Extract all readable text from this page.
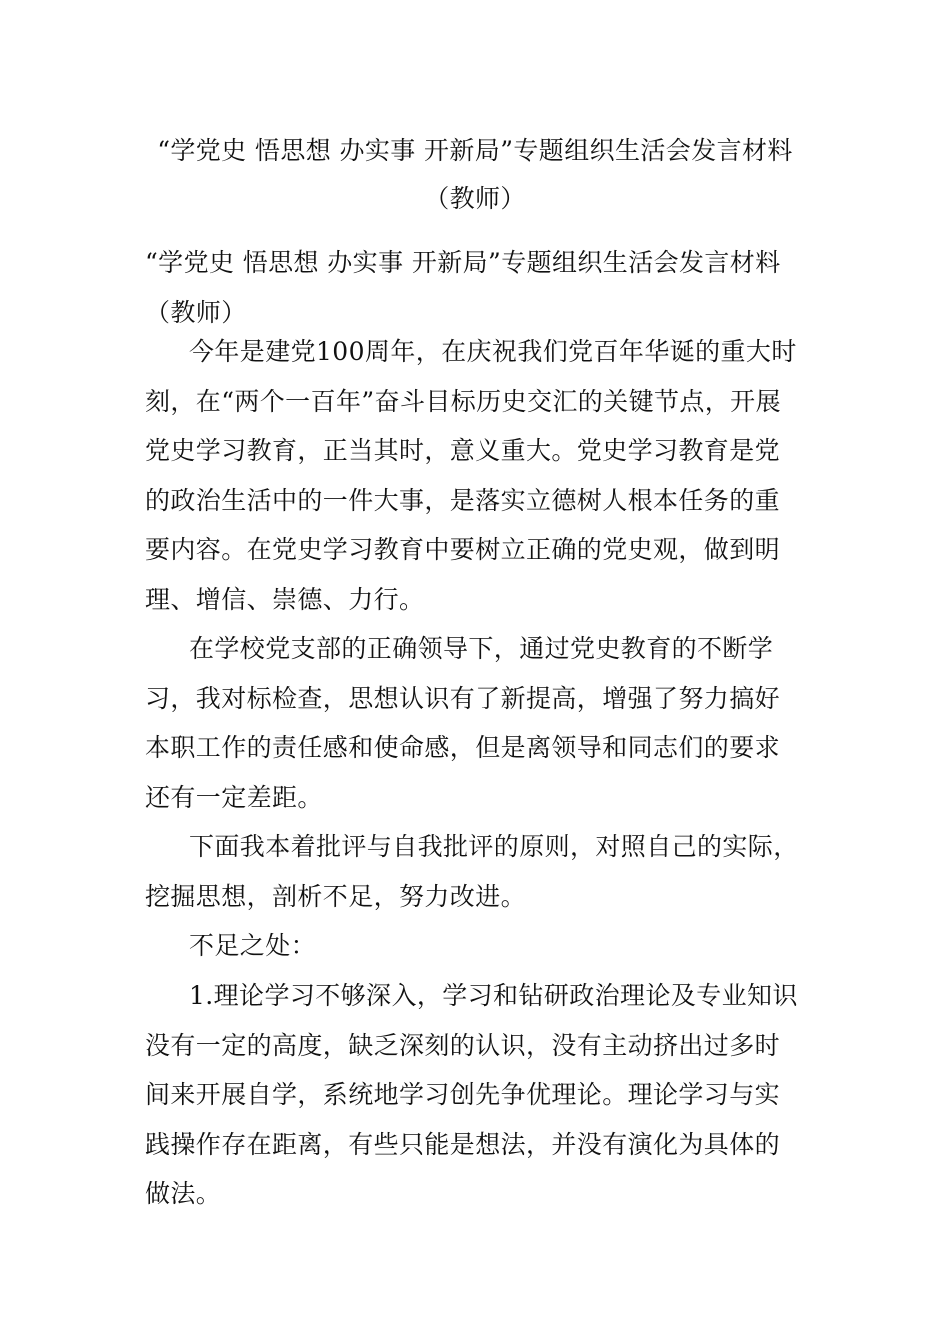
“学党史 悟思想 办实事 开新局”专题组织生活会发言材料（教师）

“学党史 悟思想 办实事 开新局”专题组织生活会发言材料（教师）

今年是建党100周年，在庆祝我们党百年华诞的重大时刻，在“两个一百年”奋斗目标历史交汇的关键节点，开展党史学习教育，正当其时，意义重大。党史学习教育是党的政治生活中的一件大事，是落实立德树人根本任务的重要内容。在党史学习教育中要树立正确的党史观，做到明理、增信、崇德、力行。

在学校党支部的正确领导下，通过党史教育的不断学习，我对标检查，思想认识有了新提高，增强了努力搞好本职工作的责任感和使命感，但是离领导和同志们的要求还有一定差距。

下面我本着批评与自我批评的原则，对照自己的实际，挖掘思想，剖析不足，努力改进。

不足之处：

1.理论学习不够深入，学习和钻研政治理论及专业知识没有一定的高度，缺乏深刻的认识，没有主动挤出过多时间来开展自学，系统地学习创先争优理论。理论学习与实践操作存在距离，有些只能是想法，并没有演化为具体的做法。
